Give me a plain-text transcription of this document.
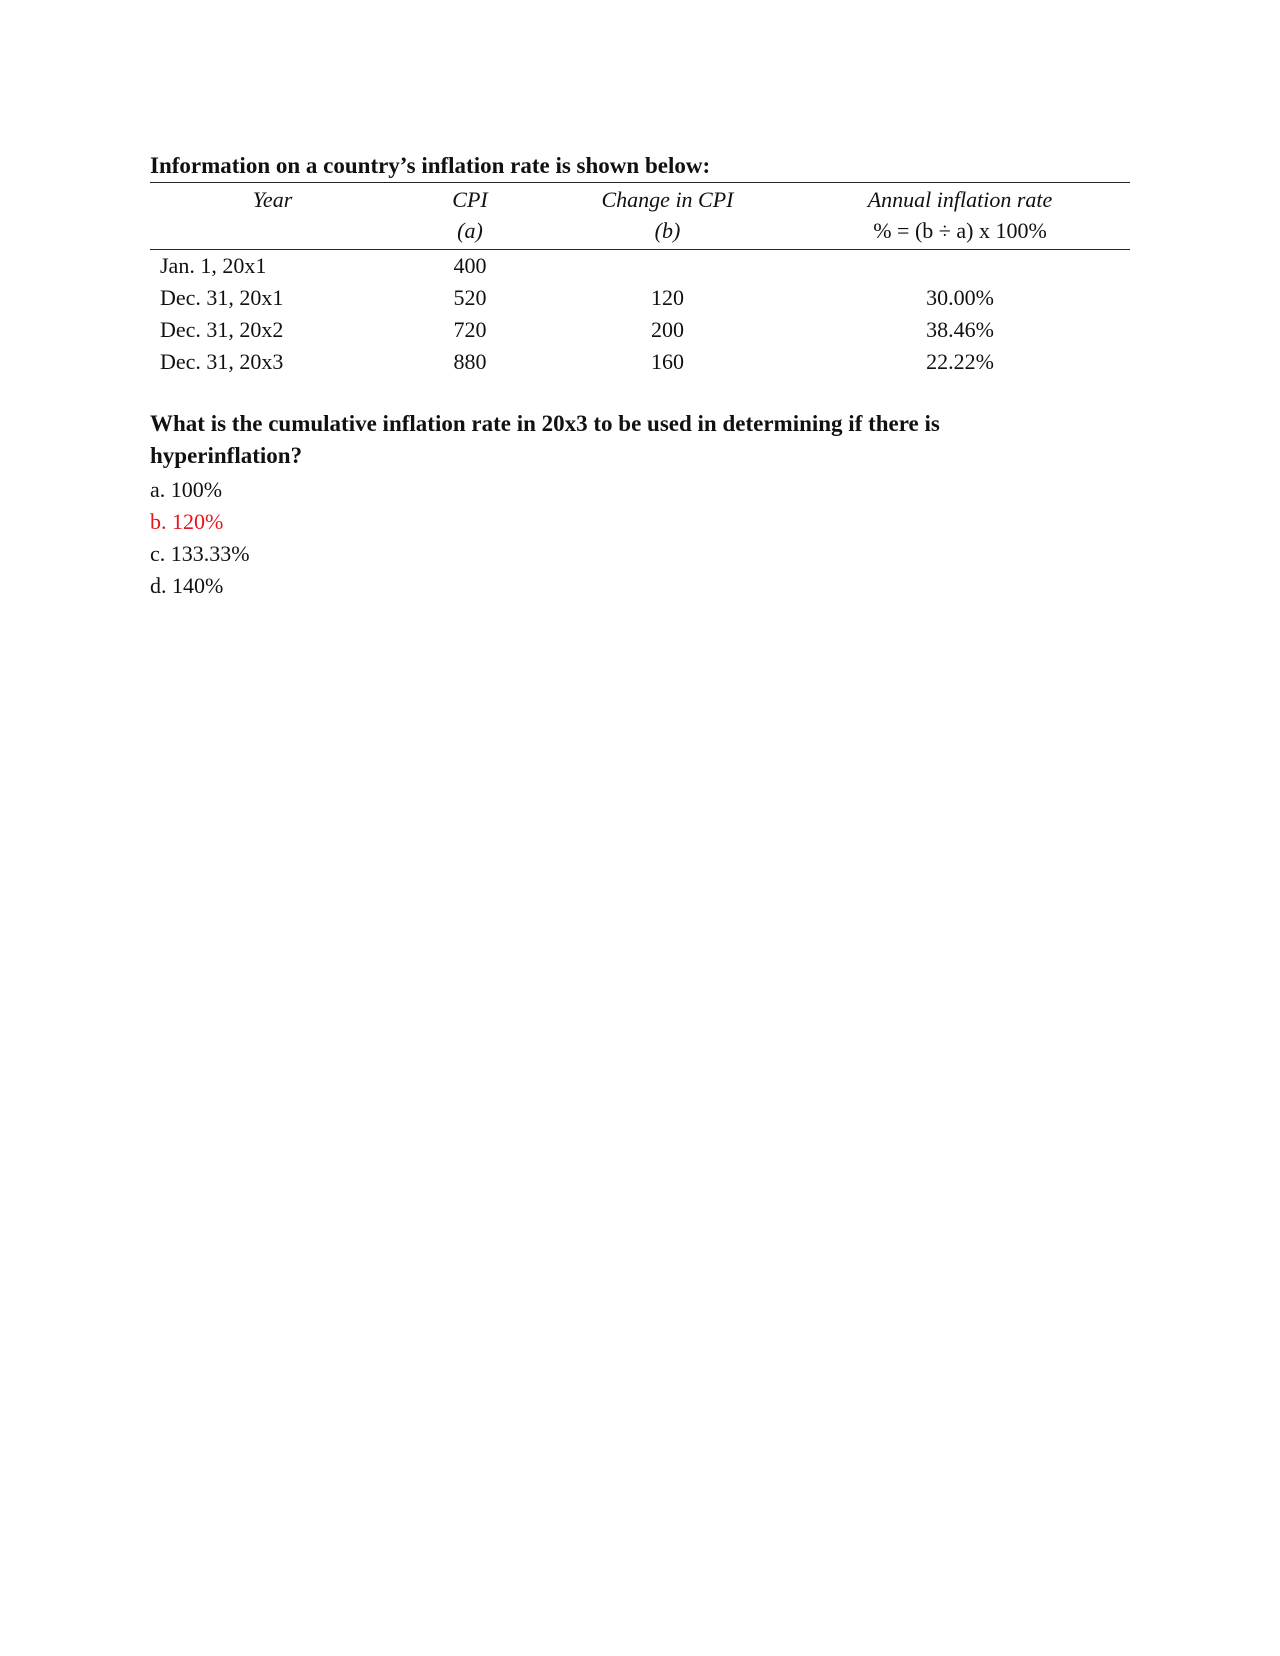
Information on a country’s inflation rate is shown below:

Year	CPI	Change in CPI	Annual inflation rate
	(a)	(b)	% = (b ÷ a) x 100%
Jan. 1, 20x1	400		
Dec. 31, 20x1	520	120	30.00%
Dec. 31, 20x2	720	200	38.46%
Dec. 31, 20x3	880	160	22.22%
What is the cumulative inflation rate in 20x3 to be used in determining if there is hyperinflation?
a. 100%
b. 120%
c. 133.33%
d. 140%
